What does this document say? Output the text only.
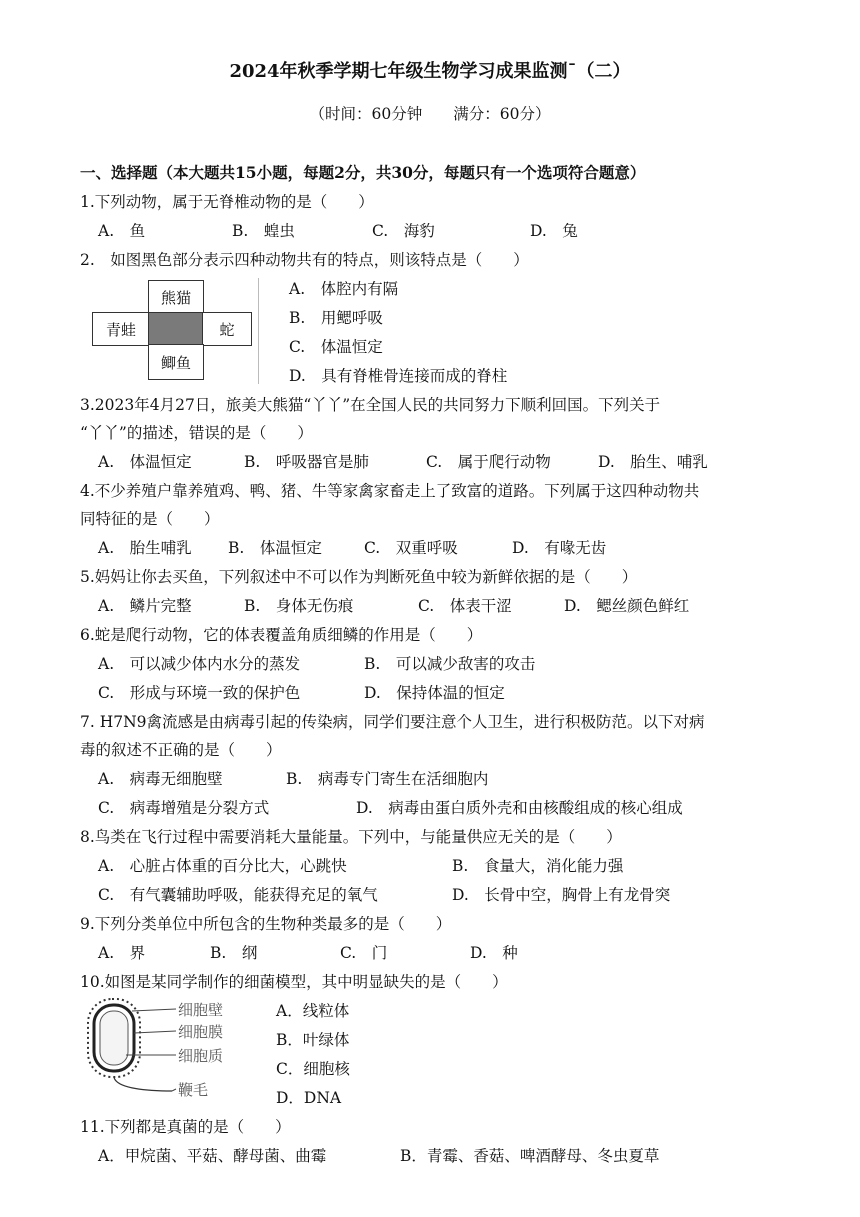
2024年秋季学期七年级生物学习成果监测ˉ（二）
（时间：60分钟　　满分：60分）
一、选择题（本大题共15小题，每题2分，共30分，每题只有一个选项符合题意）
1.下列动物，属于无脊椎动物的是（　　）
A.　鱼	B.　蝗虫	C.　海豹	D.　兔
2.　如图黑色部分表示四种动物共有的特点，则该特点是（　　）
熊猫
青蛙	蛇
鲫鱼
A.　体腔内有隔
B.　用鳃呼吸
C.　体温恒定
D.　具有脊椎骨连接而成的脊柱
3.2023年4月27日，旅美大熊猫“丫丫”在全国人民的共同努力下顺利回国。下列关于
“丫丫”的描述，错误的是（　　）
A.　体温恒定	B.　呼吸器官是肺	C.　属于爬行动物	D.　胎生、哺乳
4.不少养殖户靠养殖鸡、鸭、猪、牛等家禽家畜走上了致富的道路。下列属于这四种动物共
同特征的是（　　）
A.　胎生哺乳 B.　体温恒定	C.　双重呼吸	D.　有喙无齿
5.妈妈让你去买鱼，下列叙述中不可以作为判断死鱼中较为新鲜依据的是（　　）
A.　鳞片完整	B.　身体无伤痕	C.　体表干涩	D.　鳃丝颜色鲜红
6.蛇是爬行动物，它的体表覆盖角质细鳞的作用是（　　）
A.　可以减少体内水分的蒸发	B.　可以减少敌害的攻击
C.　形成与环境一致的保护色	D.　保持体温的恒定
7. H7N9禽流感是由病毒引起的传染病，同学们要注意个人卫生，进行积极防范。以下对病
毒的叙述不正确的是（　　）
A.　病毒无细胞壁	B.　病毒专门寄生在活细胞内
C.　病毒增殖是分裂方式	D.　病毒由蛋白质外壳和由核酸组成的核心组成
8.鸟类在飞行过程中需要消耗大量能量。下列中，与能量供应无关的是（　　）
A.　心脏占体重的百分比大，心跳快	B.　食量大，消化能力强
C.　有气囊辅助呼吸，能获得充足的氧气	D.　长骨中空，胸骨上有龙骨突
9.下列分类单位中所包含的生物种类最多的是（　　）
A.　界	B.　纲	C.　门	D.　种
10.如图是某同学制作的细菌模型，其中明显缺失的是（　　）
细胞壁
细胞膜
细胞质
鞭毛
A．线粒体
B．叶绿体
C．细胞核
D．DNA
11.下列都是真菌的是（　　）
A．甲烷菌、平菇、酵母菌、曲霉	B．青霉、香菇、啤酒酵母、冬虫夏草
